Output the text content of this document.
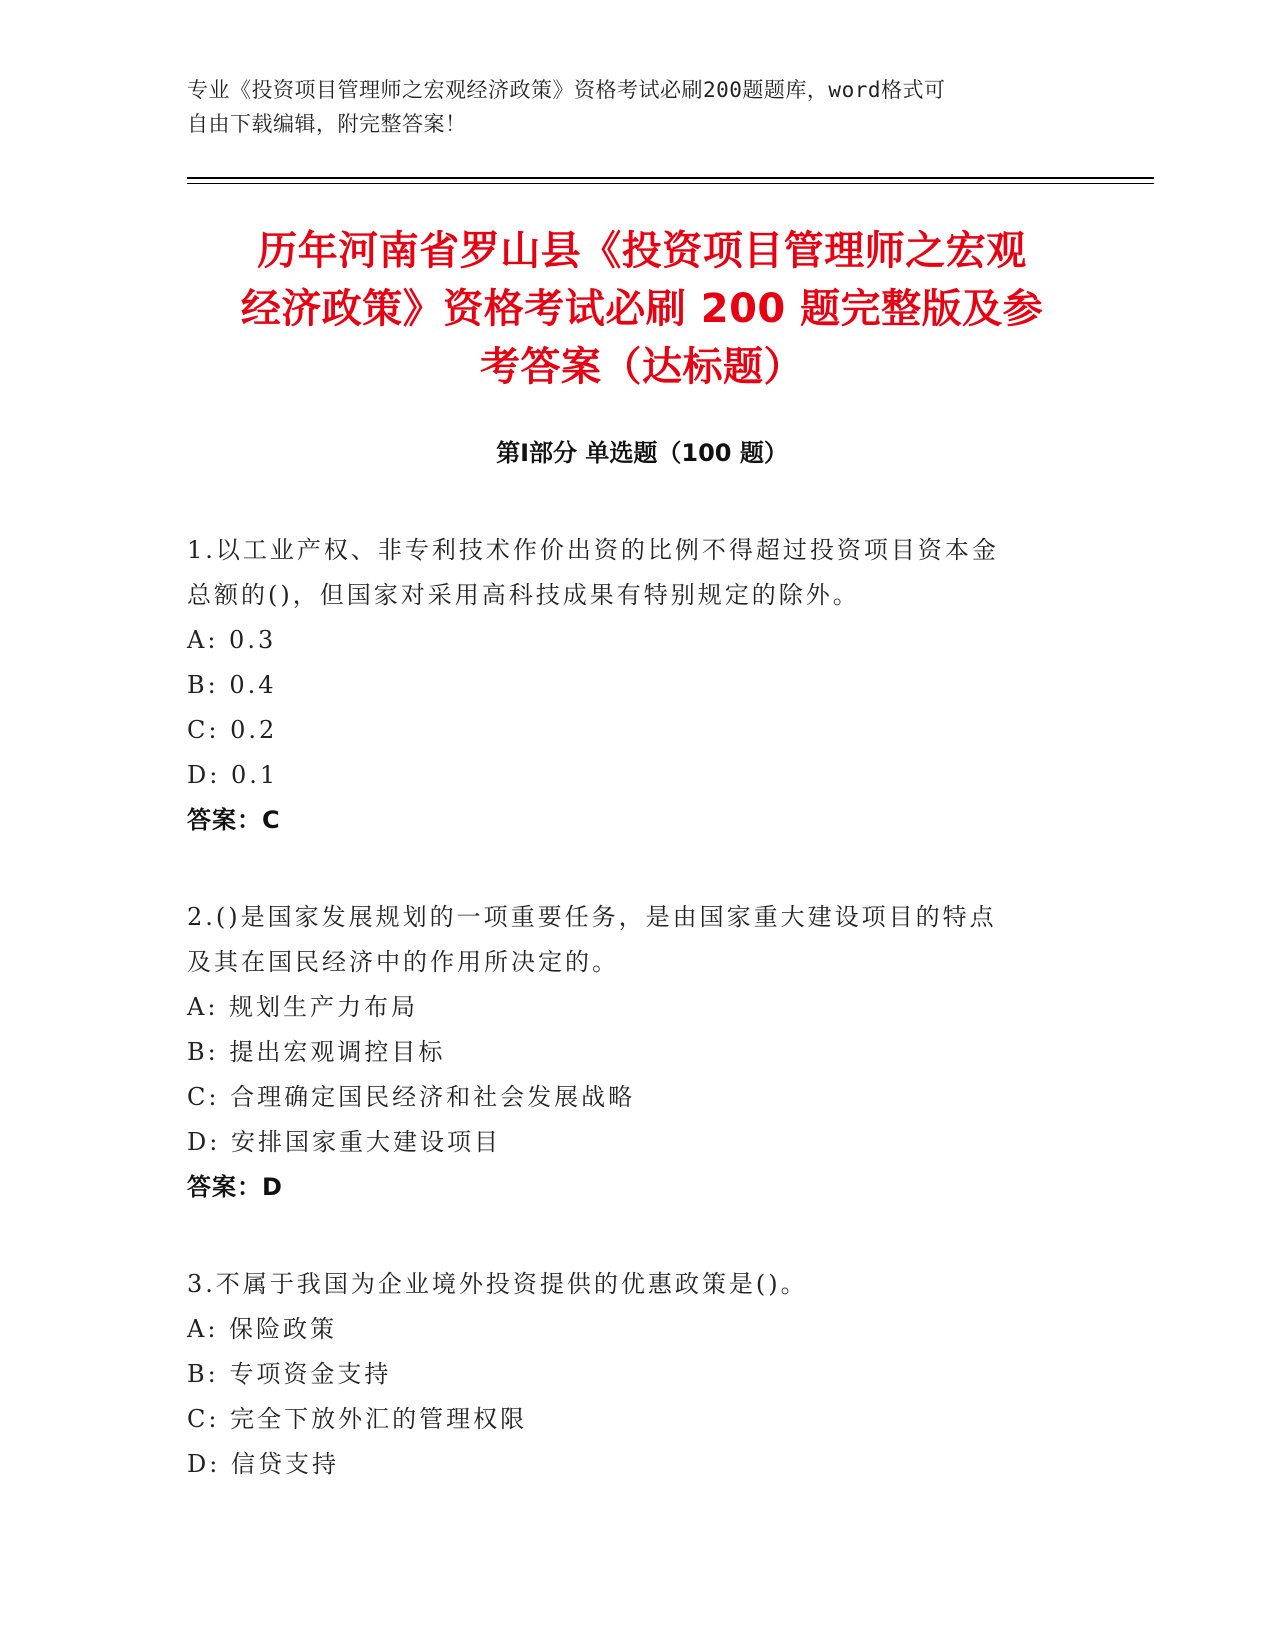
专业《投资项目管理师之宏观经济政策》资格考试必刷200题题库，word格式可
自由下载编辑，附完整答案！
历年河南省罗山县《投资项目管理师之宏观
经济政策》资格考试必刷 200 题完整版及参
考答案（达标题）
第Ⅰ部分 单选题（100 题）
1.以工业产权、非专利技术作价出资的比例不得超过投资项目资本金
总额的()，但国家对采用高科技成果有特别规定的除外。
A: 0.3
B: 0.4
C: 0.2
D: 0.1
答案：C
2.()是国家发展规划的一项重要任务，是由国家重大建设项目的特点
及其在国民经济中的作用所决定的。
A: 规划生产力布局
B: 提出宏观调控目标
C: 合理确定国民经济和社会发展战略
D: 安排国家重大建设项目
答案：D
3.不属于我国为企业境外投资提供的优惠政策是()。
A: 保险政策
B: 专项资金支持
C: 完全下放外汇的管理权限
D: 信贷支持
